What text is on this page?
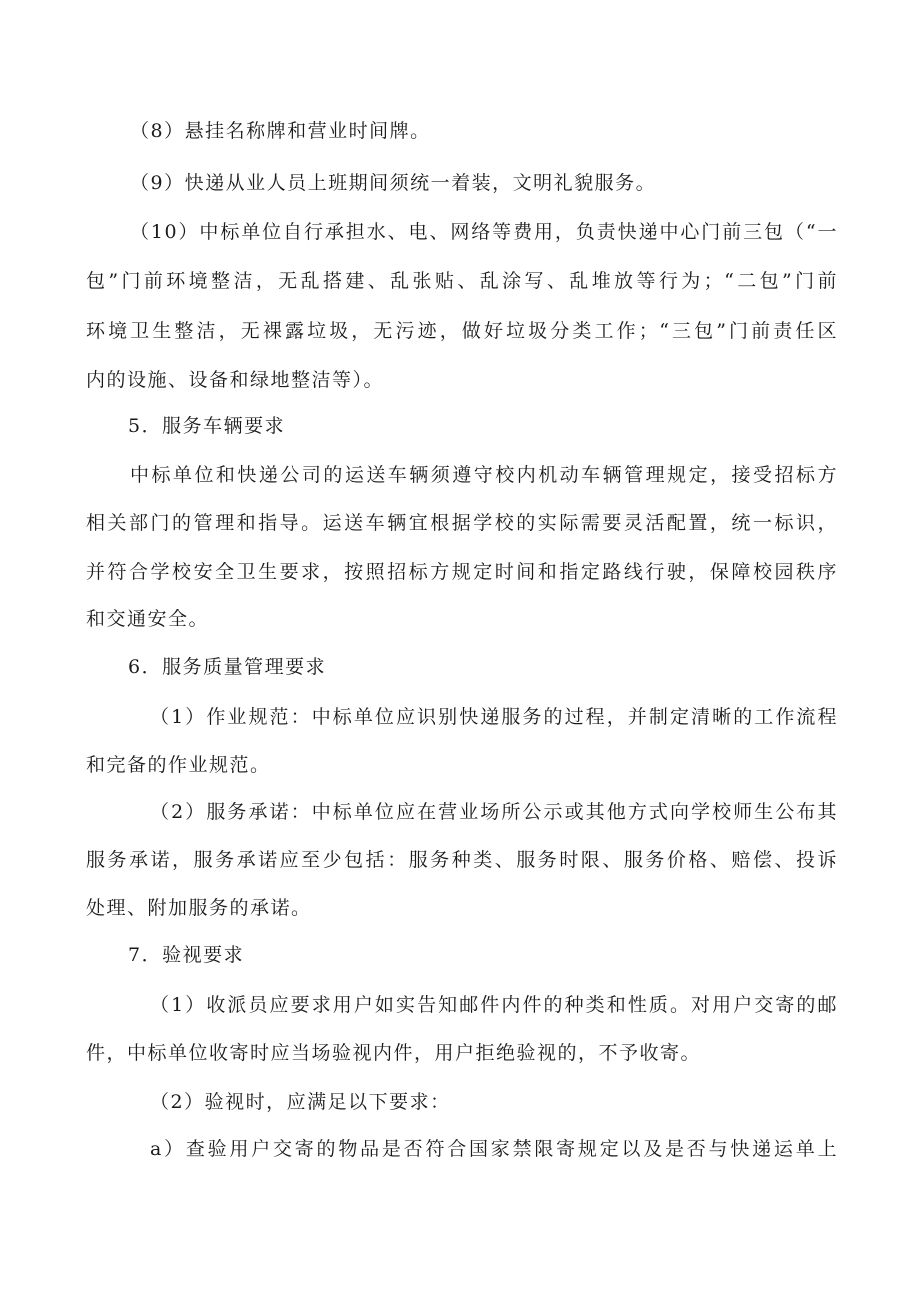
（8）悬挂名称牌和营业时间牌。
（9）快递从业人员上班期间须统一着装，文明礼貌服务。
（10）中标单位自行承担水、电、网络等费用，负责快递中心门前三包（“一
包”门前环境整洁，无乱搭建、乱张贴、乱涂写、乱堆放等行为；“二包”门前
环境卫生整洁，无裸露垃圾，无污迹，做好垃圾分类工作；“三包”门前责任区
内的设施、设备和绿地整洁等）。
5．服务车辆要求
中标单位和快递公司的运送车辆须遵守校内机动车辆管理规定，接受招标方
相关部门的管理和指导。运送车辆宜根据学校的实际需要灵活配置，统一标识，
并符合学校安全卫生要求，按照招标方规定时间和指定路线行驶，保障校园秩序
和交通安全。
6．服务质量管理要求
（1）作业规范：中标单位应识别快递服务的过程，并制定清晰的工作流程
和完备的作业规范。
（2）服务承诺：中标单位应在营业场所公示或其他方式向学校师生公布其
服务承诺，服务承诺应至少包括：服务种类、服务时限、服务价格、赔偿、投诉
处理、附加服务的承诺。
7．验视要求
（1）收派员应要求用户如实告知邮件内件的种类和性质。对用户交寄的邮
件，中标单位收寄时应当场验视内件，用户拒绝验视的，不予收寄。
（2）验视时，应满足以下要求：
a）查验用户交寄的物品是否符合国家禁限寄规定以及是否与快递运单上
